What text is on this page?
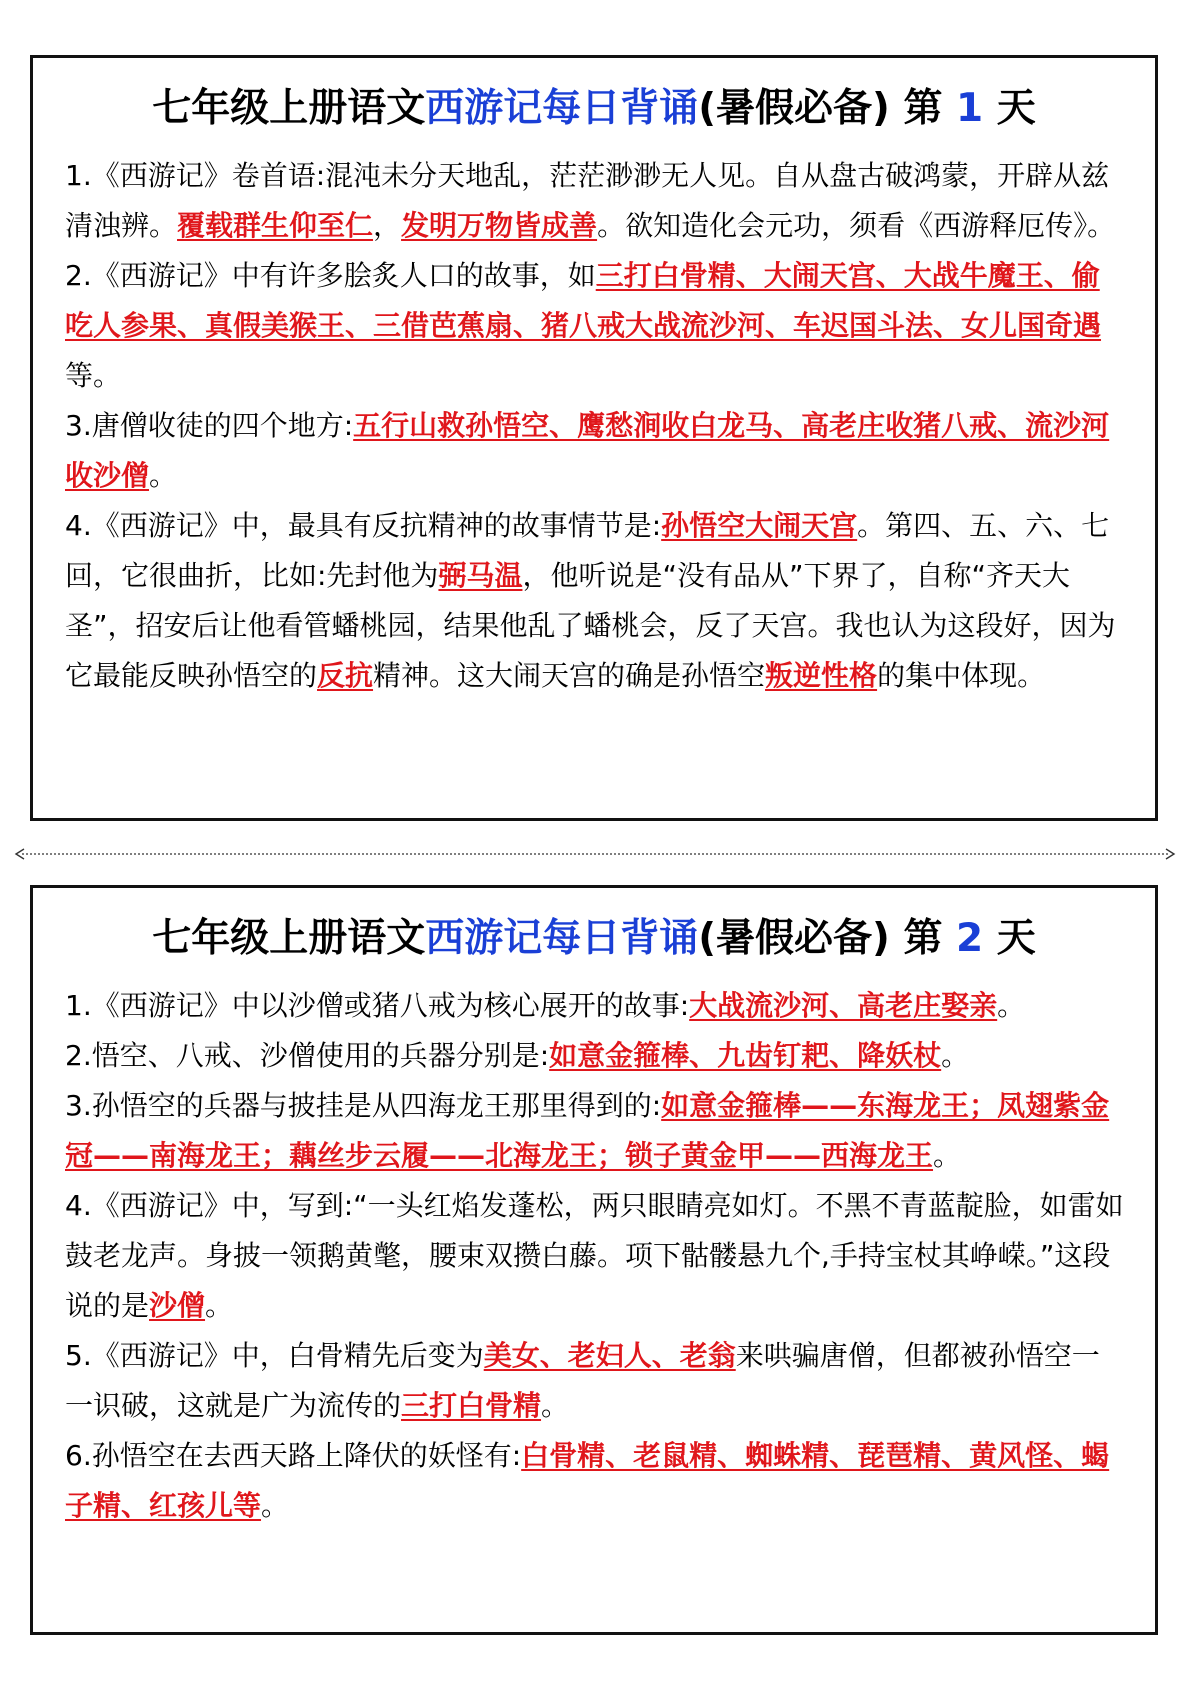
七年级上册语文西游记每日背诵(暑假必备) 第 1 天
1.《西游记》卷首语:混沌未分天地乱，茫茫渺渺无人见。自从盘古破鸿蒙，开辟从兹清浊辨。覆载群生仰至仁，发明万物皆成善。欲知造化会元功，须看《西游释厄传》。
2.《西游记》中有许多脍炙人口的故事，如三打白骨精、大闹天宫、大战牛魔王、偷吃人参果、真假美猴王、三借芭蕉扇、猪八戒大战流沙河、车迟国斗法、女儿国奇遇等。
3.唐僧收徒的四个地方:五行山救孙悟空、鹰愁涧收白龙马、高老庄收猪八戒、流沙河收沙僧。
4.《西游记》中，最具有反抗精神的故事情节是:孙悟空大闹天宫。第四、五、六、七回，它很曲折，比如:先封他为弼马温，他听说是“没有品从”下界了，自称“齐天大圣”，招安后让他看管蟠桃园，结果他乱了蟠桃会，反了天宫。我也认为这段好，因为它最能反映孙悟空的反抗精神。这大闹天宫的确是孙悟空叛逆性格的集中体现。
七年级上册语文西游记每日背诵(暑假必备) 第 2 天
1.《西游记》中以沙僧或猪八戒为核心展开的故事:大战流沙河、高老庄娶亲。
2.悟空、八戒、沙僧使用的兵器分别是:如意金箍棒、九齿钉耙、降妖杖。
3.孙悟空的兵器与披挂是从四海龙王那里得到的:如意金箍棒——东海龙王；凤翅紫金冠——南海龙王；藕丝步云履——北海龙王；锁子黄金甲——西海龙王。
4.《西游记》中，写到:“一头红焰发蓬松，两只眼睛亮如灯。不黑不青蓝靛脸，如雷如鼓老龙声。身披一领鹅黄氅，腰束双攒白藤。项下骷髅悬九个,手持宝杖其峥嵘。”这段说的是沙僧。
5.《西游记》中，白骨精先后变为美女、老妇人、老翁来哄骗唐僧，但都被孙悟空一一识破，这就是广为流传的三打白骨精。
6.孙悟空在去西天路上降伏的妖怪有:白骨精、老鼠精、蜘蛛精、琵琶精、黄风怪、蝎子精、红孩儿等。
